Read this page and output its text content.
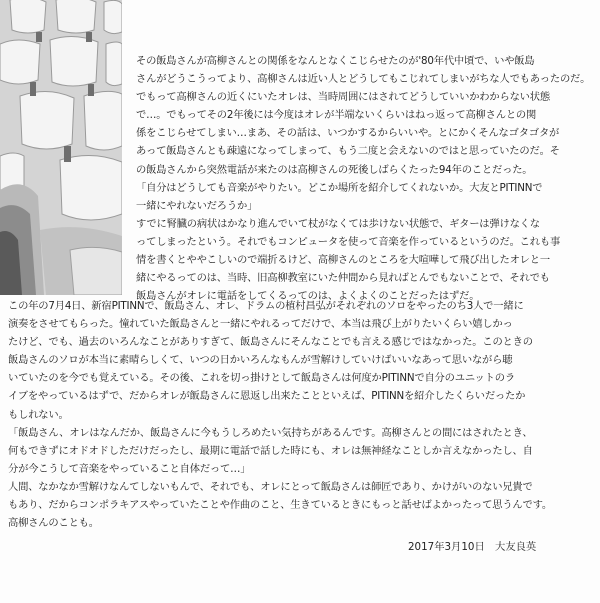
その飯島さんが高柳さんとの関係をなんとなくこじらせたのが'80年代中頃で、いや飯島
さんがどうこうってより、高柳さんは近い人とどうしてもこじれてしまいがちな人でもあったのだ。
でもって高柳さんの近くにいたオレは、当時周囲にはされてどうしていいかわからない状態
で…。でもってその2年後には今度はオレが半端ないくらいはねっ返って高柳さんとの関
係をこじらせてしまい…まあ、その話は、いつかするからいいや。とにかくそんなゴタゴタが
あって飯島さんとも疎遠になってしまって、もう二度と会えないのではと思っていたのだ。そ
の飯島さんから突然電話が来たのは高柳さんの死後しばらくたった94年のことだった。
「自分はどうしても音楽がやりたい。どこか場所を紹介してくれないか。大友とPITINNで
一緒にやれないだろうか」
すでに腎臓の病状はかなり進んでいて杖がなくては歩けない状態で、ギターは弾けなくな
ってしまったという。それでもコンピュータを使って音楽を作っているというのだ。これも事
情を書くとややこしいので端折るけど、高柳さんのところを大喧嘩して飛び出したオレと一
緒にやるってのは、当時、旧高柳教室にいた仲間から見ればとんでもないことで、それでも
飯島さんがオレに電話をしてくるってのは、よくよくのことだったはずだ。
この年の7月4日、新宿PITINNで、飯島さん、オレ、ドラムの植村昌弘がそれぞれのソロをやったのち3人で一緒に
演奏をさせてもらった。憧れていた飯島さんと一緒にやれるってだけで、本当は飛び上がりたいくらい嬉しかっ
たけど、でも、過去のいろんなことがありすぎて、飯島さんにそんなことでも言える感じではなかった。このときの
飯島さんのソロが本当に素晴らしくて、いつの日かいろんなもんが雪解けしていけばいいなあって思いながら聴
いていたのを今でも覚えている。その後、これを切っ掛けとして飯島さんは何度かPITINNで自分のユニットのラ
イブをやっているはずで、だからオレが飯島さんに恩返し出来たことといえば、PITINNを紹介したくらいだったか
もしれない。
「飯島さん、オレはなんだか、飯島さんに今もうしろめたい気持ちがあるんです。高柳さんとの間にはされたとき、
何もできずにオドオドしただけだったし、最期に電話で話した時にも、オレは無神経なことしか言えなかったし、自
分が今こうして音楽をやっていること自体だって…」
人間、なかなか雪解けなんてしないもんで、それでも、オレにとって飯島さんは師匠であり、かけがいのない兄貴で
もあり、だからコンポラキアスやっていたことや作曲のこと、生きているときにもっと話せばよかったって思うんです。
高柳さんのことも。
2017年3月10日　大友良英
